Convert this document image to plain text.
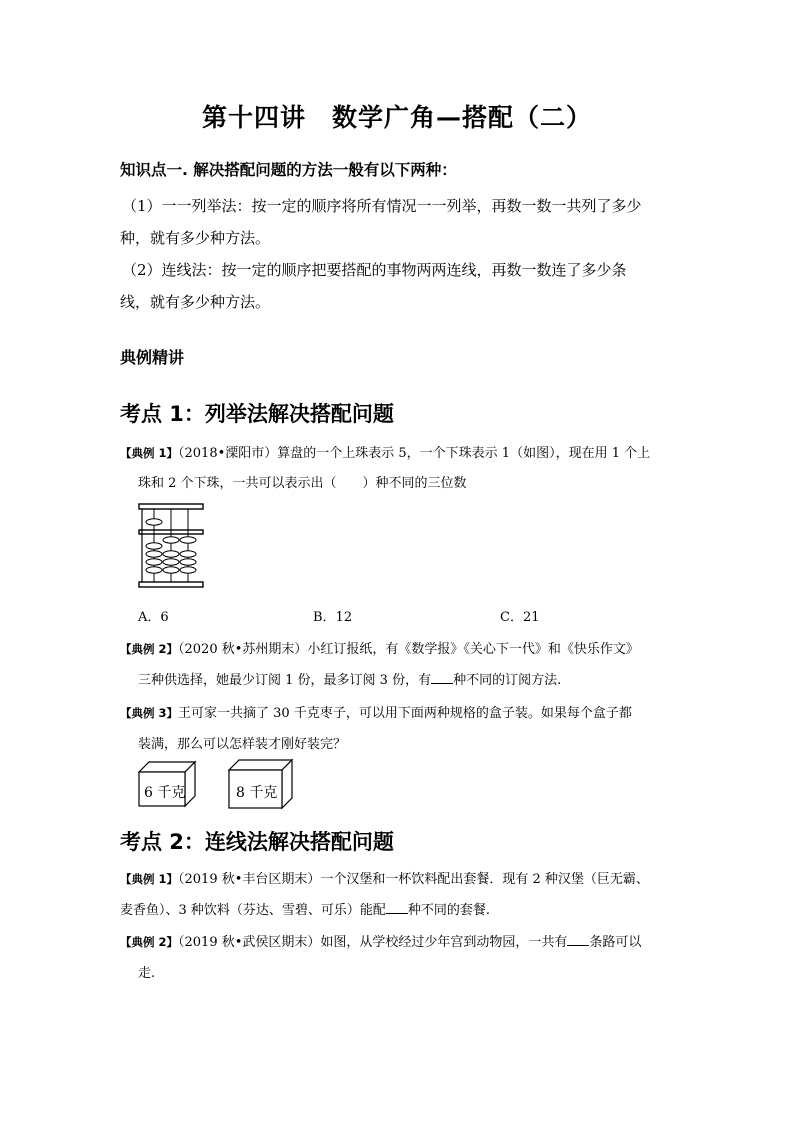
第十四讲　数学广角—搭配（二）
知识点一. 解决搭配问题的方法一般有以下两种：
（1）一一列举法：按一定的顺序将所有情况一一列举，再数一数一共列了多少
种，就有多少种方法。
（2）连线法：按一定的顺序把要搭配的事物两两连线，再数一数连了多少条
线，就有多少种方法。
典例精讲
考点 1：列举法解决搭配问题
【典例 1】（2018•溧阳市）算盘的一个上珠表示 5，一个下珠表示 1（如图），现在用 1 个上
珠和 2 个下珠，一共可以表示出（　　）种不同的三位数
A．6	B．12	C．21
【典例 2】（2020 秋•苏州期末）小红订报纸，有《数学报》《关心下一代》和《快乐作文》
三种供选择，她最少订阅 1 份，最多订阅 3 份，有 种不同的订阅方法.
【典例 3】王可家一共摘了 30 千克枣子，可以用下面两种规格的盒子装。如果每个盒子都
装满，那么可以怎样装才刚好装完？
6 千克	8 千克
考点 2：连线法解决搭配问题
【典例 1】（2019 秋•丰台区期末）一个汉堡和一杯饮料配出套餐．现有 2 种汉堡（巨无霸、
麦香鱼）、3 种饮料（芬达、雪碧、可乐）能配 种不同的套餐.
【典例 2】（2019 秋•武侯区期末）如图，从学校经过少年宫到动物园，一共有 条路可以
走.
